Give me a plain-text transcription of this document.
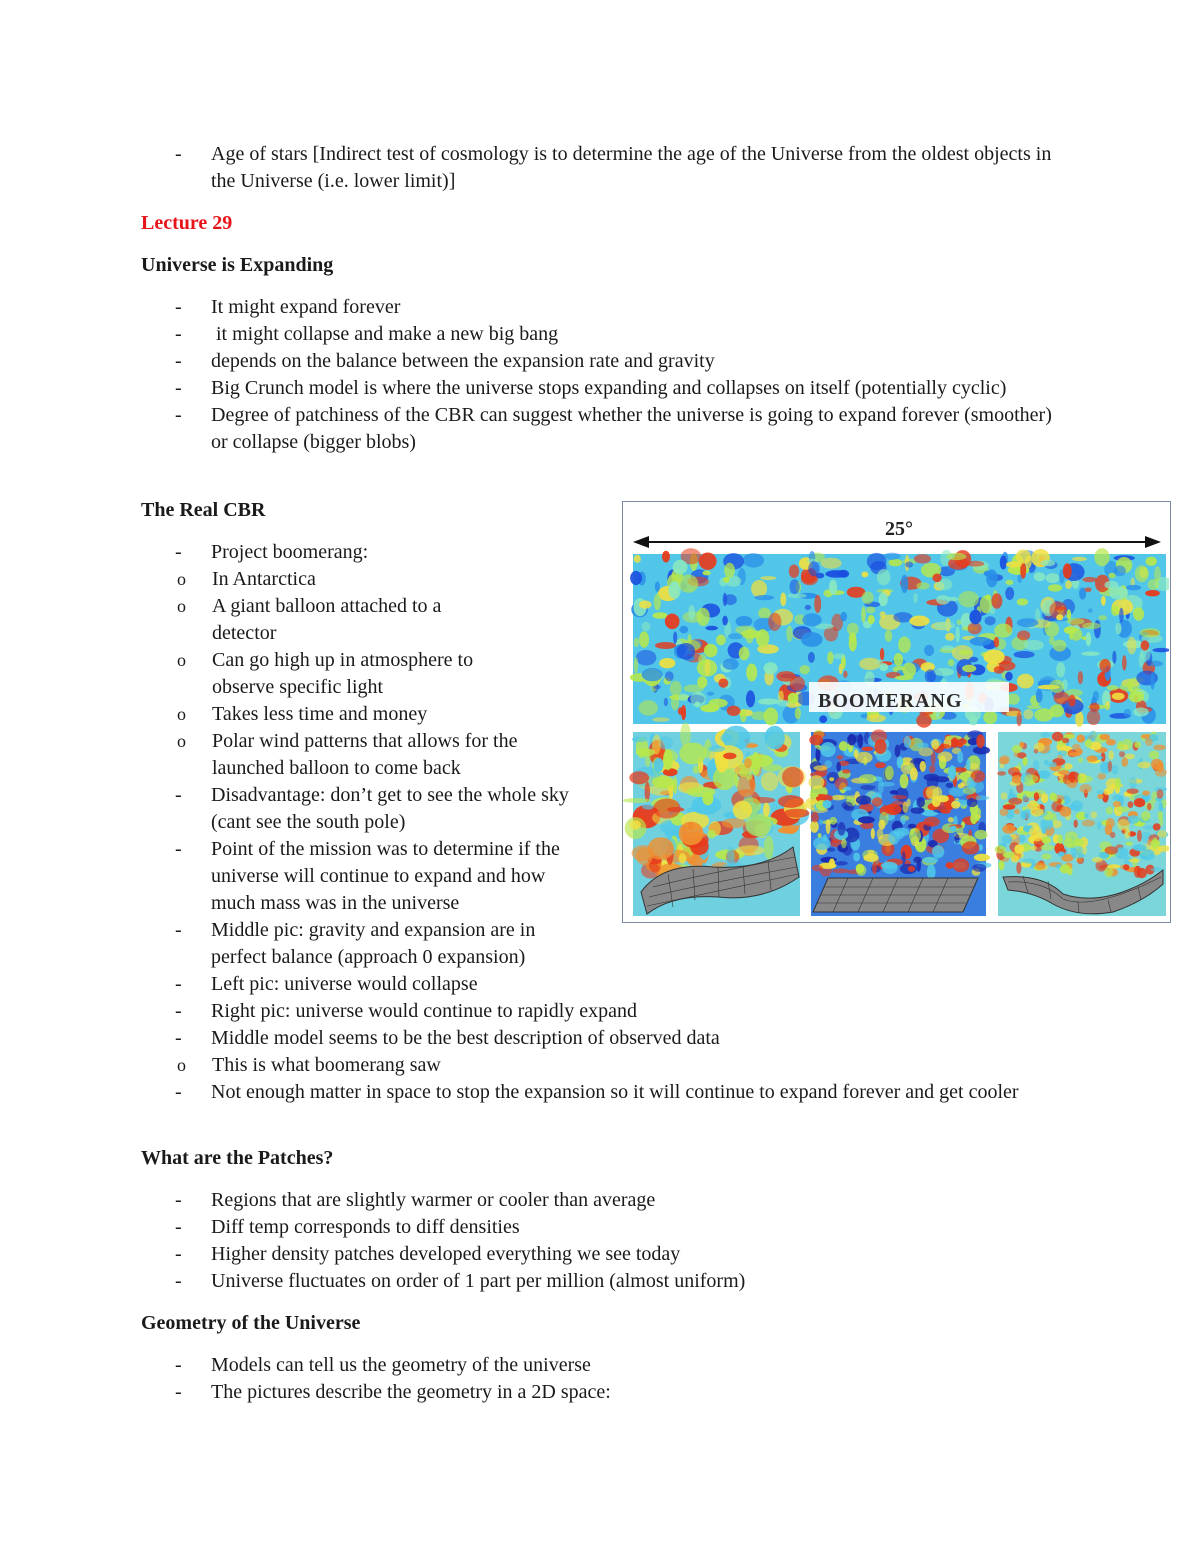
-	Age of stars [Indirect test of cosmology is to determine the age of the Universe from the oldest objects in the Universe (i.e. lower limit)]

Lecture 29

Universe is Expanding

-	It might expand forever
-	it might collapse and make a new big bang
-	depends on the balance between the expansion rate and gravity
-	Big Crunch model is where the universe stops expanding and collapses on itself (potentially cyclic)
-	Degree of patchiness of the CBR can suggest whether the universe is going to expand forever (smoother) or collapse (bigger blobs)

The Real CBR

-	Project boomerang:
o In Antarctica
o A giant balloon attached to a detector
o Can go high up in atmosphere to observe specific light
o Takes less time and money
o Polar wind patterns that allows for the launched balloon to come back
-	Disadvantage: don’t get to see the whole sky (cant see the south pole)
-	Point of the mission was to determine if the universe will continue to expand and how much mass was in the universe
-	Middle pic: gravity and expansion are in perfect balance (approach 0 expansion)
-	Left pic: universe would collapse
-	Right pic: universe would continue to rapidly expand
-	Middle model seems to be the best description of observed data
o This is what boomerang saw
-	Not enough matter in space to stop the expansion so it will continue to expand forever and get cooler
25°
BOOMERANG

What are the Patches?

-	Regions that are slightly warmer or cooler than average
-	Diff temp corresponds to diff densities
-	Higher density patches developed everything we see today
-	Universe fluctuates on order of 1 part per million (almost uniform)

Geometry of the Universe

-	Models can tell us the geometry of the universe
-	The pictures describe the geometry in a 2D space:
